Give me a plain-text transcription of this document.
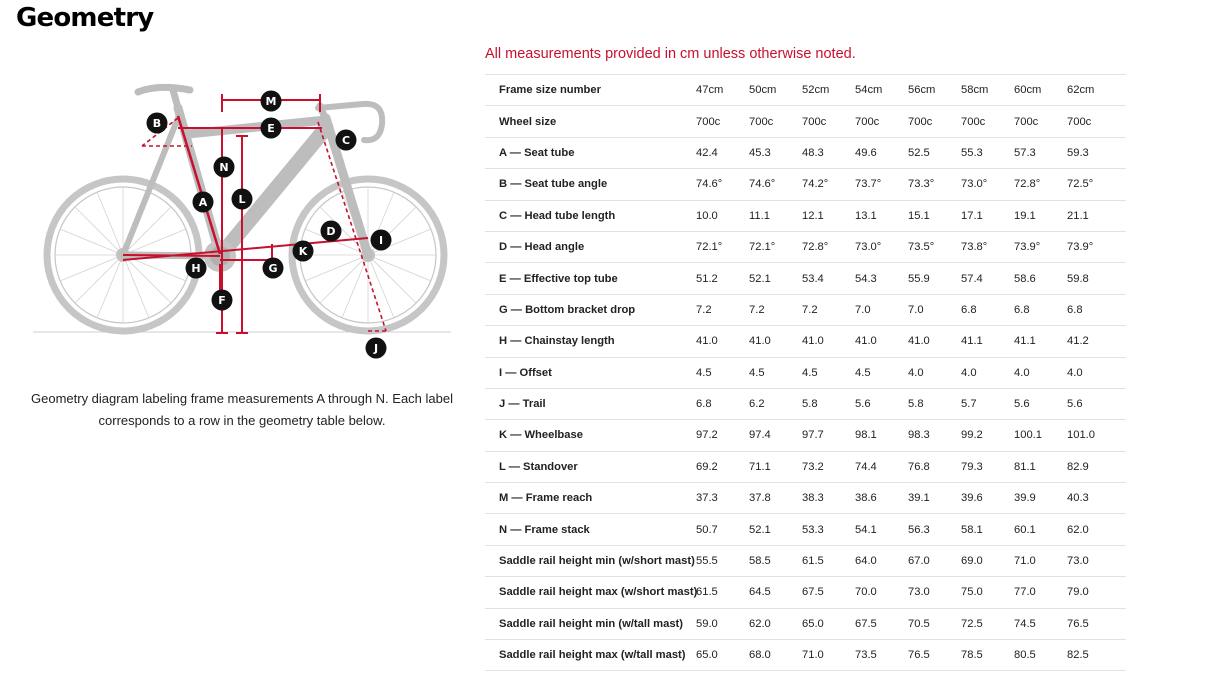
Geometry
M
E
B
C
N
L
A
D
I
K
H	G
F
J

Geometry diagram labeling frame measurements A through N. Each label corresponds to a row in the geometry table below.

All measurements provided in cm unless otherwise noted.

Frame size number	47cm	50cm	52cm	54cm	56cm	58cm	60cm	62cm
Wheel size	700c	700c	700c	700c	700c	700c	700c	700c
A — Seat tube	42.4	45.3	48.3	49.6	52.5	55.3	57.3	59.3
B — Seat tube angle	74.6°	74.6°	74.2°	73.7°	73.3°	73.0°	72.8°	72.5°
C — Head tube length	10.0	11.1	12.1	13.1	15.1	17.1	19.1	21.1
D — Head angle	72.1°	72.1°	72.8°	73.0°	73.5°	73.8°	73.9°	73.9°
E — Effective top tube	51.2	52.1	53.4	54.3	55.9	57.4	58.6	59.8
G — Bottom bracket drop	7.2	7.2	7.2	7.0	7.0	6.8	6.8	6.8
H — Chainstay length	41.0	41.0	41.0	41.0	41.0	41.1	41.1	41.2
I — Offset	4.5	4.5	4.5	4.5	4.0	4.0	4.0	4.0
J — Trail	6.8	6.2	5.8	5.6	5.8	5.7	5.6	5.6
K — Wheelbase	97.2	97.4	97.7	98.1	98.3	99.2	100.1	101.0
L — Standover	69.2	71.1	73.2	74.4	76.8	79.3	81.1	82.9
M — Frame reach	37.3	37.8	38.3	38.6	39.1	39.6	39.9	40.3
N — Frame stack	50.7	52.1	53.3	54.1	56.3	58.1	60.1	62.0
Saddle rail height min (w/short mast)	55.5	58.5	61.5	64.0	67.0	69.0	71.0	73.0
Saddle rail height max (w/short mast)	61.5	64.5	67.5	70.0	73.0	75.0	77.0	79.0
Saddle rail height min (w/tall mast)	59.0	62.0	65.0	67.5	70.5	72.5	74.5	76.5
Saddle rail height max (w/tall mast)	65.0	68.0	71.0	73.5	76.5	78.5	80.5	82.5
